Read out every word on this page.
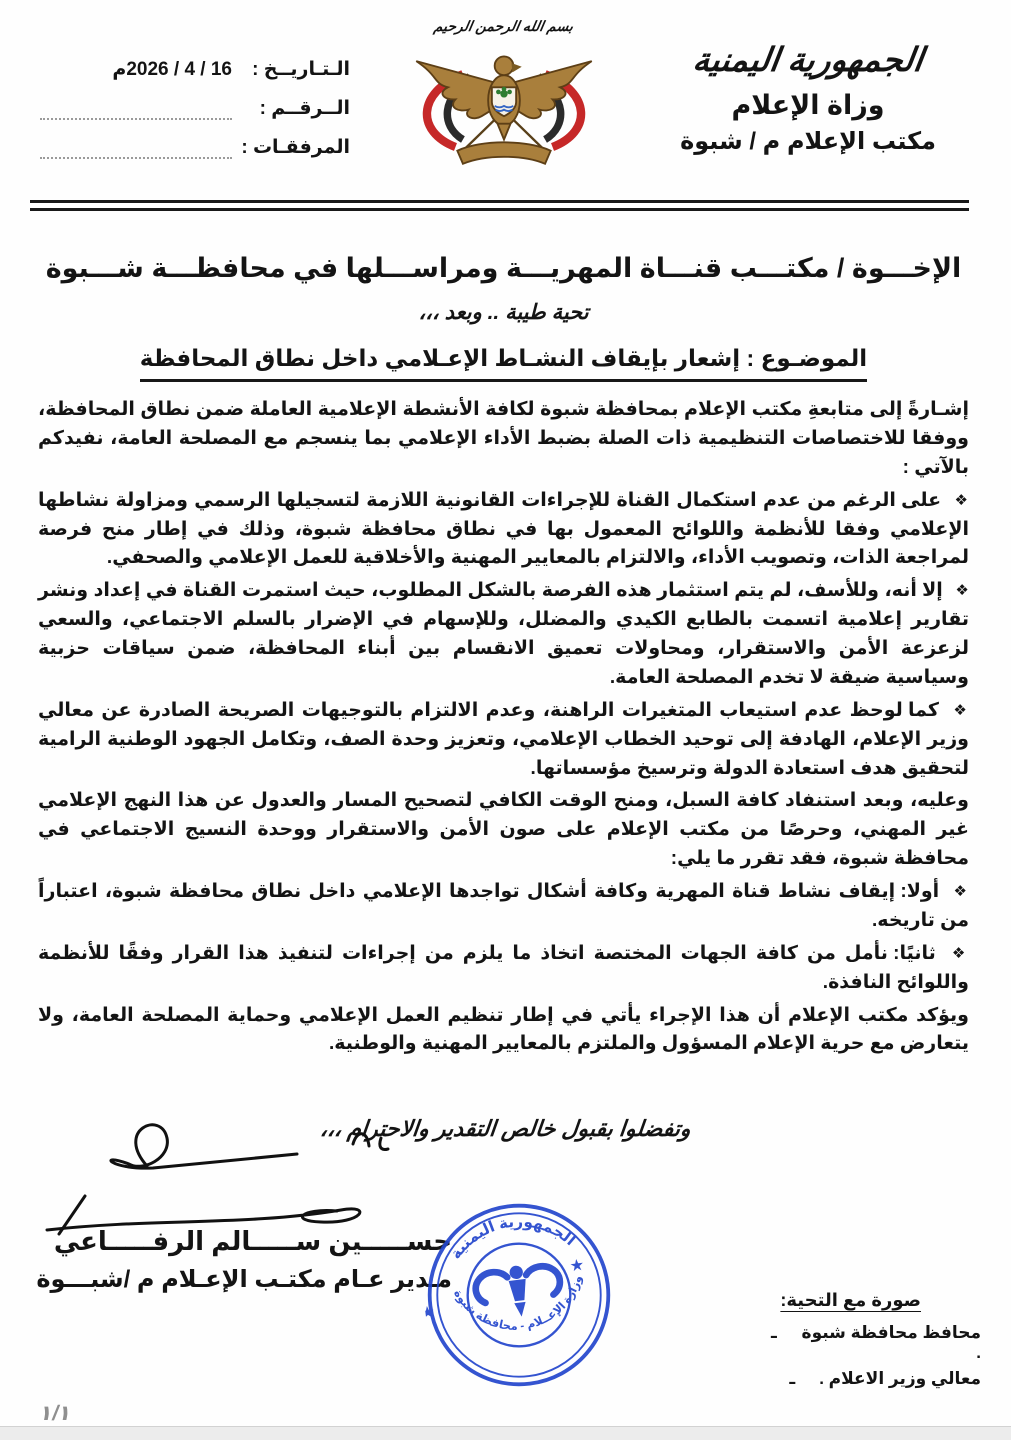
الجمهورية اليمنية
وزاة الإعلام
مكتب الإعلام م / شبوة
بسم الله الرحمن الرحيم
الـتـاريــخ :
16 / 4 / 2026م
الــرقــم :
المرفقـات :
الإخـــوة / مكتـــب قنـــاة المهريـــة ومراســـلها في محافظـــة شـــبوة
تحية طيبة .. وبعد ،،،
الموضـوع : إشعار بإيقاف النشـاط الإعـلامي داخل نطاق المحافظة

إشـارةً إلى متابعةِ مكتب الإعلام بمحافظة شبوة لكافة الأنشطة الإعلامية العاملة ضمن نطاق المحافظة، ووفقا للاختصاصات التنظيمية ذات الصلة بضبط الأداء الإعلامي بما ينسجم مع المصلحة العامة، نفيدكم بالآتي :

❖ على الرغم من عدم استكمال القناة للإجراءات القانونية اللازمة لتسجيلها الرسمي ومزاولة نشاطها الإعلامي وفقا للأنظمة واللوائح المعمول بها في نطاق محافظة شبوة، وذلك في إطار منح فرصة لمراجعة الذات، وتصويب الأداء، والالتزام بالمعايير المهنية والأخلاقية للعمل الإعلامي والصحفي.

❖ إلا أنه، وللأسف، لم يتم استثمار هذه الفرصة بالشكل المطلوب، حيث استمرت القناة في إعداد ونشر تقارير إعلامية اتسمت بالطابع الكيدي والمضلل، وللإسهام في الإضرار بالسلم الاجتماعي، والسعي لزعزعة الأمن والاستقرار، ومحاولات تعميق الانقسام بين أبناء المحافظة، ضمن سياقات حزبية وسياسية ضيقة لا تخدم المصلحة العامة.

❖ كما لوحظ عدم استيعاب المتغيرات الراهنة، وعدم الالتزام بالتوجيهات الصريحة الصادرة عن معالي وزير الإعلام، الهادفة إلى توحيد الخطاب الإعلامي، وتعزيز وحدة الصف، وتكامل الجهود الوطنية الرامية لتحقيق هدف استعادة الدولة وترسيخ مؤسساتها.

وعليه، وبعد استنفاد كافة السبل، ومنح الوقت الكافي لتصحيح المسار والعدول عن هذا النهج الإعلامي غير المهني، وحرصًا من مكتب الإعلام على صون الأمن والاستقرار ووحدة النسيج الاجتماعي في محافظة شبوة، فقد تقرر ما يلي:

❖ أولا: إيقاف نشاط قناة المهرية وكافة أشكال تواجدها الإعلامي داخل نطاق محافظة شبوة، اعتباراً من تاريخه.

❖ ثانيًا: نأمل من كافة الجهات المختصة اتخاذ ما يلزم من إجراءات لتنفيذ هذا القرار وفقًا للأنظمة واللوائح النافذة.

ويؤكد مكتب الإعلام أن هذا الإجراء يأتي في إطار تنظيم العمل الإعلامي وحماية المصلحة العامة، ولا يتعارض مع حرية الإعلام المسؤول والملتزم بالمعايير المهنية والوطنية.

وتفضلوا بقبول خالص التقدير والاحترام ،،،
حســـــين ســـــالم الرفـــــاعي
مـدير عـام مكتـب الإعـلام م /شبـــوة
الجمهورية اليمنية
وزارة الإعــلام - محافظة شبوة
★
★
صورة مع التحية:
محافظ محافظة شبوة .
ـ
معالي وزير الاعلام .
ـ
١/١
